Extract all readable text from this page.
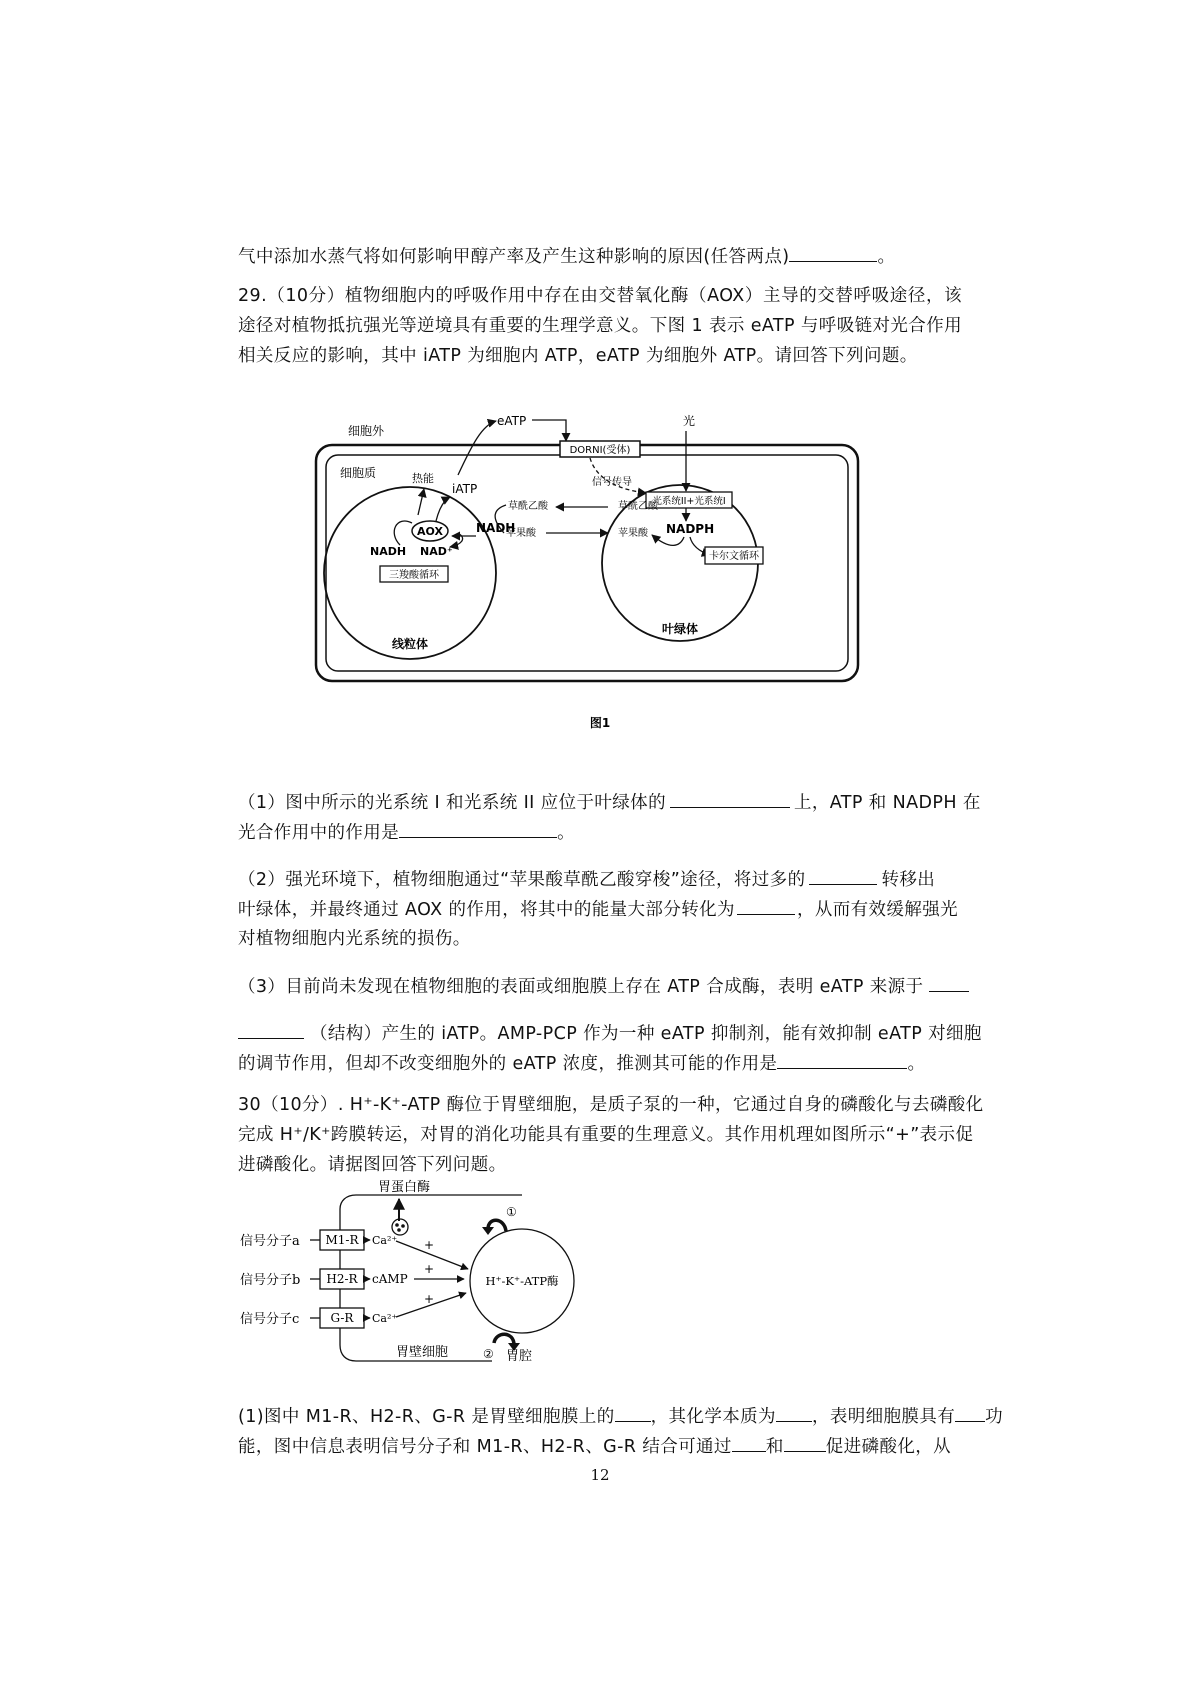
气中添加水蒸气将如何影响甲醇产率及产生这种影响的原因(任答两点)	。
29.（10分）植物细胞内的呼吸作用中存在由交替氧化酶（AOX）主导的交替呼吸途径，该
途径对植物抵抗强光等逆境具有重要的生理学意义。下图 1 表示 eATP 与呼吸链对光合作用
相关反应的影响，其中 iATP 为细胞内 ATP，eATP 为细胞外 ATP。请回答下列问题。
细胞外
细胞质
DORNI(受体)
eATP	光
信号传导
线粒体
热能
iATP
AOX
NADH NAD⁺
三羧酸循环
NADH
草酰乙酸
苹果酸
叶绿体
光系统II+光系统I
NADPH
草酰乙酸
苹果酸
卡尔文循环
图1
（1）图中所示的光系统 I 和光系统 II 应位于叶绿体的	上，ATP 和 NADPH 在
光合作用中的作用是	。
（2）强光环境下，植物细胞通过“苹果酸草酰乙酸穿梭”途径，将过多的	转移出
叶绿体，并最终通过 AOX 的作用，将其中的能量大部分转化为	，从而有效缓解强光
对植物细胞内光系统的损伤。
（3）目前尚未发现在植物细胞的表面或细胞膜上存在 ATP 合成酶，表明 eATP 来源于
（结构）产生的 iATP。AMP-PCP 作为一种 eATP 抑制剂，能有效抑制 eATP 对细胞
的调节作用，但却不改变细胞外的 eATP 浓度，推测其可能的作用是	。
30（10分）. H⁺-K⁺-ATP 酶位于胃壁细胞，是质子泵的一种，它通过自身的磷酸化与去磷酸化
完成 H⁺/K⁺跨膜转运，对胃的消化功能具有重要的生理意义。其作用机理如图所示“+”表示促
进磷酸化。请据图回答下列问题。
胃蛋白酶
①
②
信号分子a
信号分子b
信号分子c
M1-R
H2-R
G-R
Ca²⁺
cAMP
Ca²⁺
+
+
+
H⁺-K⁺-ATP酶
胃壁细胞	胃腔
(1)图中 M1-R、H2-R、G-R 是胃壁细胞膜上的 ，其化学本质为 ，表明细胞膜具有 功
能，图中信息表明信号分子和 M1-R、H2-R、G-R 结合可通过 和 促进磷酸化，从
12
